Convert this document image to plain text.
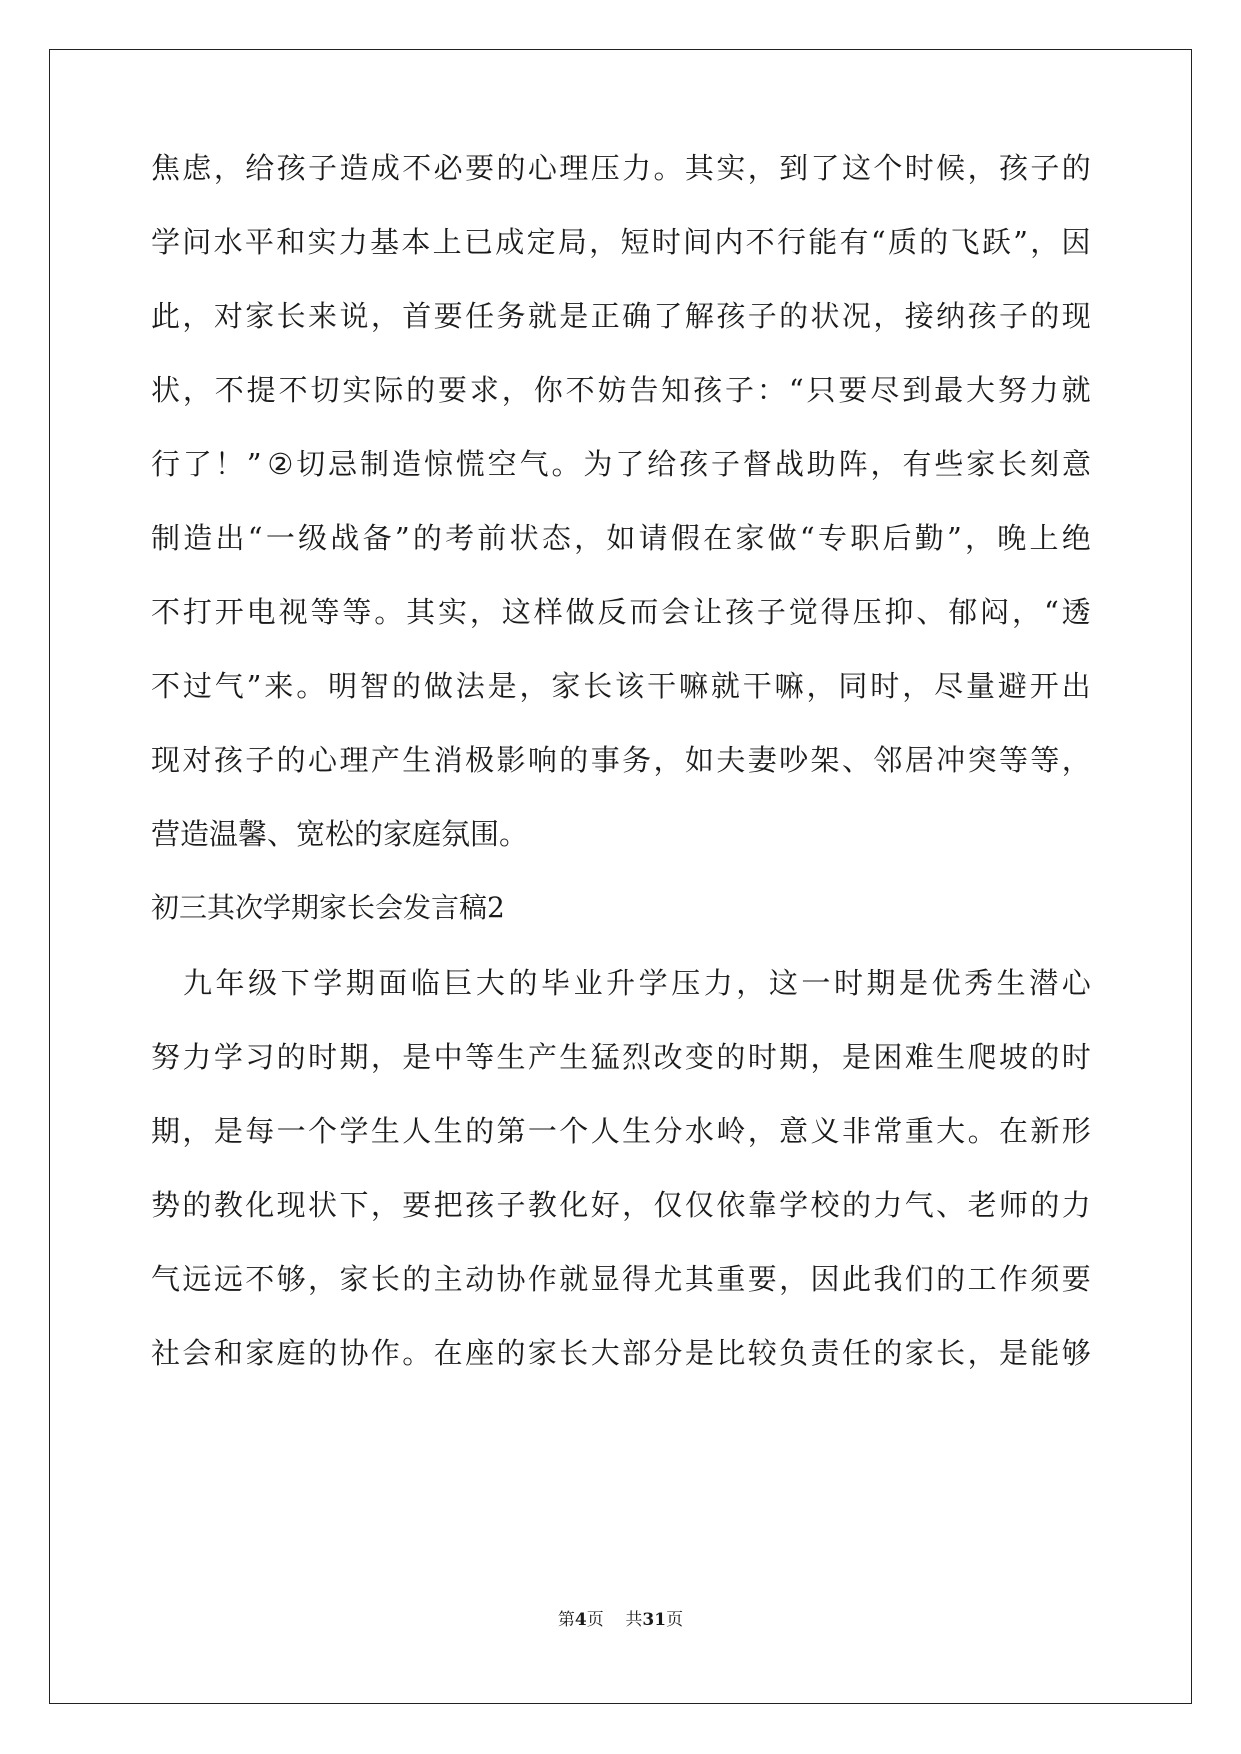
焦 虑 ， 给 孩 子 造 成 不 必 要 的 心 理 压 力 。 其 实 ， 到 了 这 个 时 候 ， 孩 子 的
学 问 水 平 和 实 力 基 本 上 已 成 定 局 ， 短 时 间 内 不 行 能 有 “ 质 的 飞 跃 ” ， 因
此 ， 对 家 长 来 说 ， 首 要 任 务 就 是 正 确 了 解 孩 子 的 状 况 ， 接 纳 孩 子 的 现
状 ， 不 提 不 切 实 际 的 要 求 ， 你 不 妨 告 知 孩 子 ： “ 只 要 尽 到 最 大 努 力 就
行 了 ！ ” ② 切 忌 制 造 惊 慌 空 气 。 为 了 给 孩 子 督 战 助 阵 ， 有 些 家 长 刻 意
制 造 出 “ 一 级 战 备 ” 的 考 前 状 态 ， 如 请 假 在 家 做 “ 专 职 后 勤 ” ， 晚 上 绝
不 打 开 电 视 等 等 。 其 实 ， 这 样 做 反 而 会 让 孩 子 觉 得 压 抑 、 郁 闷 ， “ 透
不 过 气 ” 来 。 明 智 的 做 法 是 ， 家 长 该 干 嘛 就 干 嘛 ， 同 时 ， 尽 量 避 开 出
现 对 孩 子 的 心 理 产 生 消 极 影 响 的 事 务 ， 如 夫 妻 吵 架 、 邻 居 冲 突 等 等 ，
营造温馨、宽松的家庭氛围。
初三其次学期家长会发言稿2
九 年 级 下 学 期 面 临 巨 大 的 毕 业 升 学 压 力 ， 这 一 时 期 是 优 秀 生 潜 心
努 力 学 习 的 时 期 ， 是 中 等 生 产 生 猛 烈 改 变 的 时 期 ， 是 困 难 生 爬 坡 的 时
期 ， 是 每 一 个 学 生 人 生 的 第 一 个 人 生 分 水 岭 ， 意 义 非 常 重 大 。 在 新 形
势 的 教 化 现 状 下 ， 要 把 孩 子 教 化 好 ， 仅 仅 依 靠 学 校 的 力 气 、 老 师 的 力
气 远 远 不 够 ， 家 长 的 主 动 协 作 就 显 得 尤 其 重 要 ， 因 此 我 们 的 工 作 须 要
社 会 和 家 庭 的 协 作 。 在 座 的 家 长 大 部 分 是 比 较 负 责 任 的 家 长 ， 是 能 够
第4页 共31页
